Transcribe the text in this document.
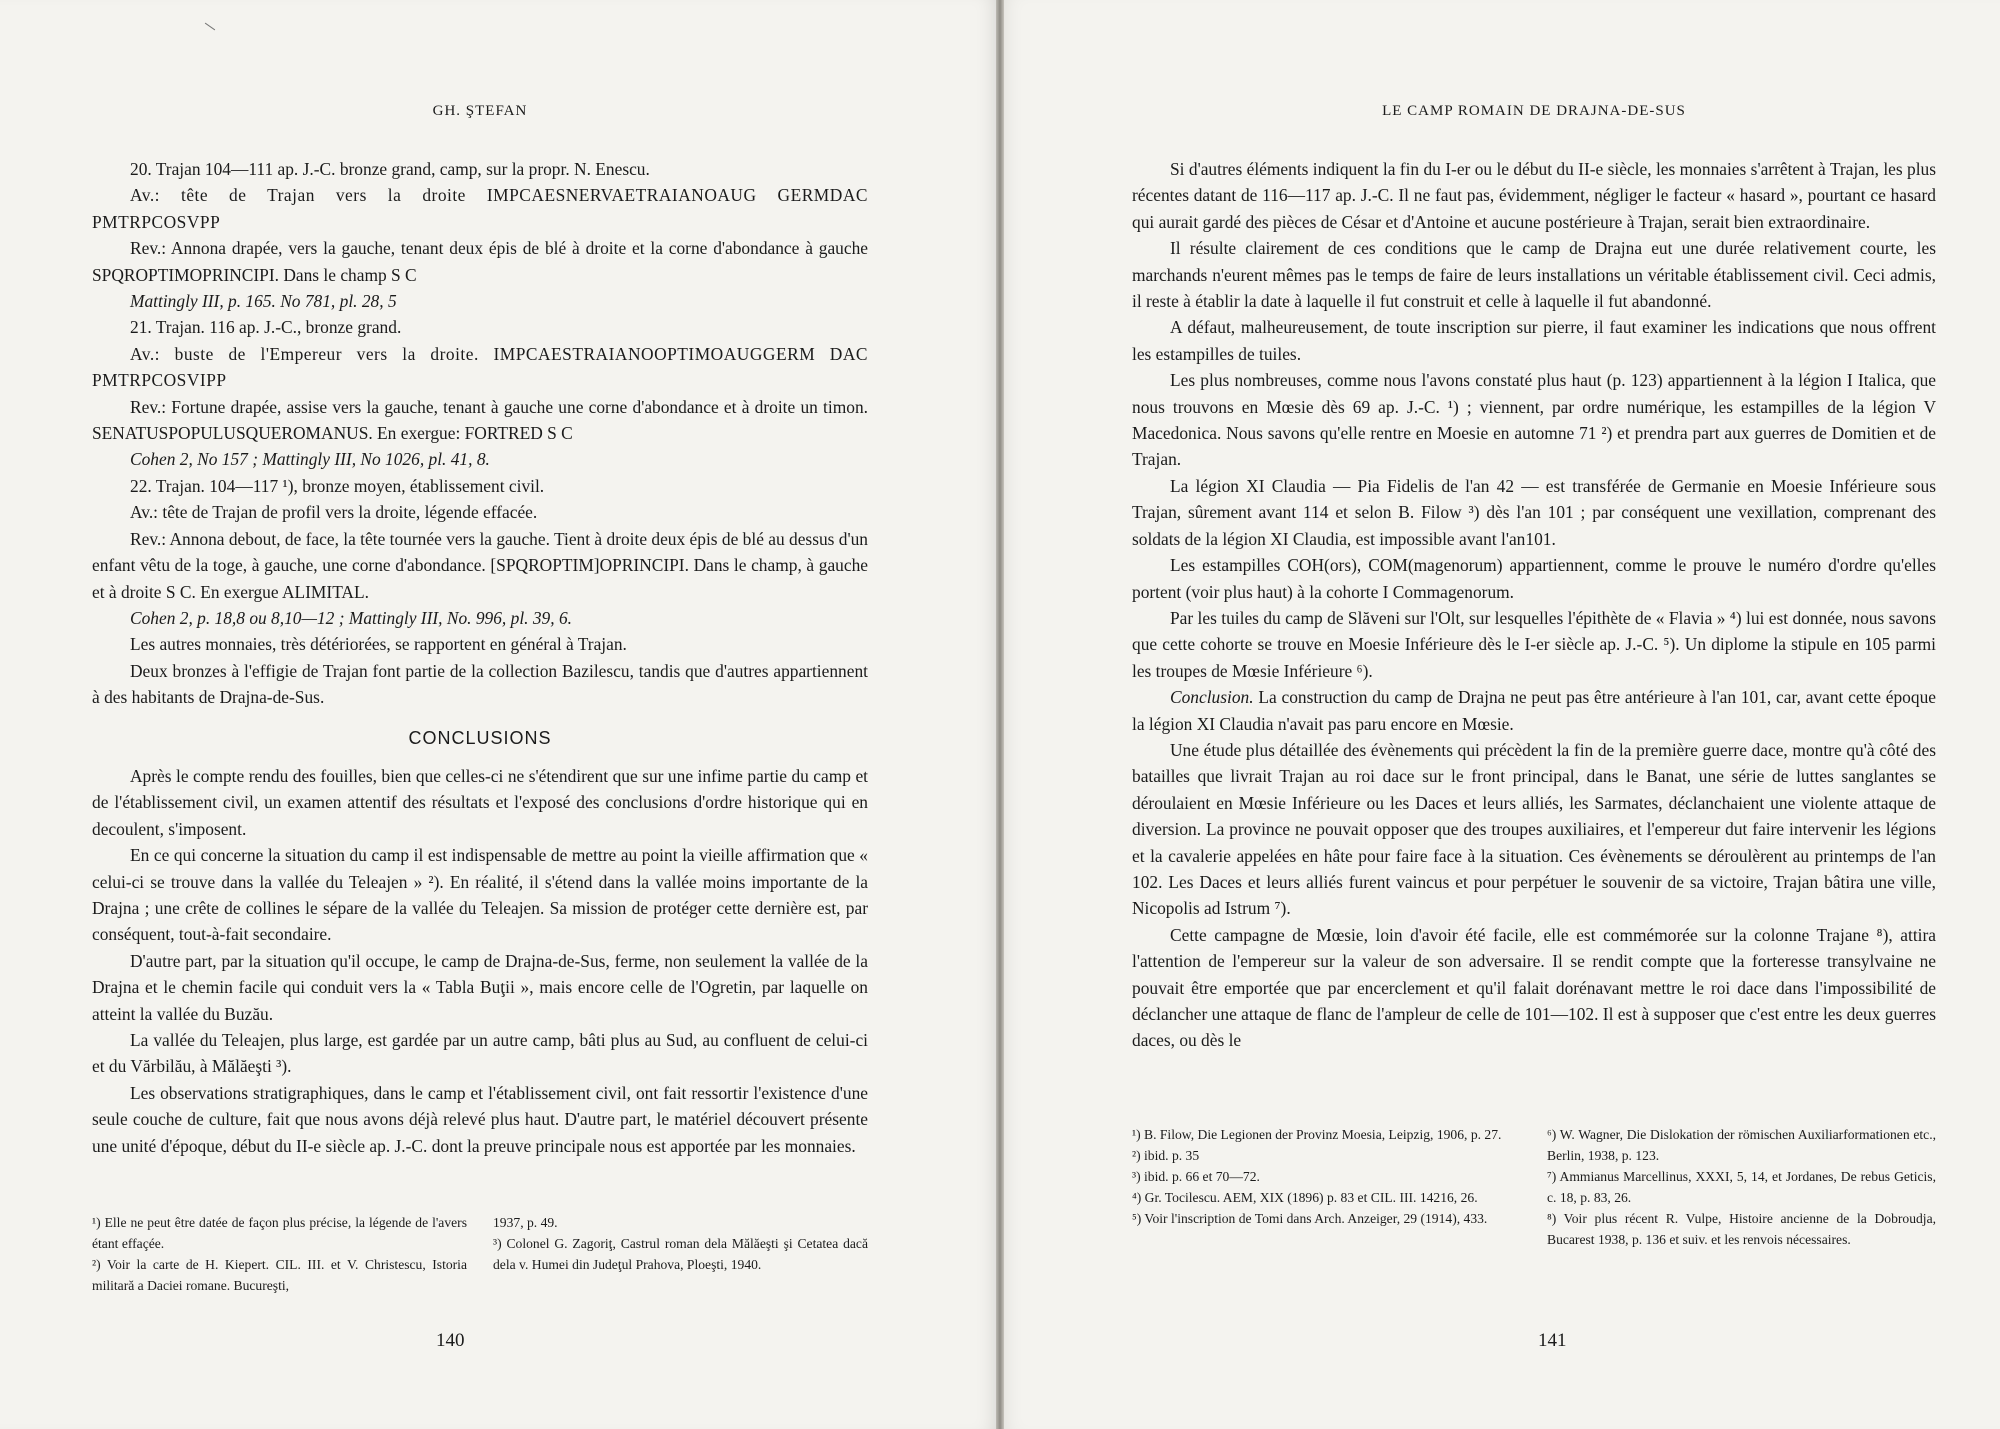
GH. ŞTEFAN

20. Trajan 104—111 ap. J.-C. bronze grand, camp, sur la propr. N. Enescu.

Av.: tête de Trajan vers la droite IMPCAESNERVAETRAIANOAUG GERMDAC PMTRPCOSVPP

Rev.: Annona drapée, vers la gauche, tenant deux épis de blé à droite et la corne d'abondance à gauche SPQROPTIMOPRINCIPI. Dans le champ S C

Mattingly III, p. 165. No 781, pl. 28, 5

21. Trajan. 116 ap. J.-C., bronze grand.

Av.: buste de l'Empereur vers la droite. IMPCAESTRAIANOOPTIMOAUGGERM DAC PMTRPCOSVIPP

Rev.: Fortune drapée, assise vers la gauche, tenant à gauche une corne d'abondance et à droite un timon. SENATUSPOPULUSQUEROMANUS. En exergue: FORTRED S C

Cohen 2, No 157 ; Mattingly III, No 1026, pl. 41, 8.

22. Trajan. 104—117 ¹), bronze moyen, établissement civil.

Av.: tête de Trajan de profil vers la droite, légende effacée.

Rev.: Annona debout, de face, la tête tournée vers la gauche. Tient à droite deux épis de blé au dessus d'un enfant vêtu de la toge, à gauche, une corne d'abondance. [SPQROPTIM]OPRINCIPI. Dans le champ, à gauche et à droite S C. En exergue ALIMITAL.

Cohen 2, p. 18,8 ou 8,10—12 ; Mattingly III, No. 996, pl. 39, 6.

Les autres monnaies, très détériorées, se rapportent en général à Trajan.

Deux bronzes à l'effigie de Trajan font partie de la collection Bazilescu, tandis que d'autres appartiennent à des habitants de Drajna-de-Sus.

CONCLUSIONS

Après le compte rendu des fouilles, bien que celles-ci ne s'étendirent que sur une infime partie du camp et de l'établissement civil, un examen attentif des résultats et l'exposé des conclusions d'ordre historique qui en decoulent, s'imposent.

En ce qui concerne la situation du camp il est indispensable de mettre au point la vieille affirmation que « celui-ci se trouve dans la vallée du Teleajen » ²). En réalité, il s'étend dans la vallée moins importante de la Drajna ; une crête de collines le sépare de la vallée du Teleajen. Sa mission de protéger cette dernière est, par conséquent, tout-à-fait secondaire.

D'autre part, par la situation qu'il occupe, le camp de Drajna-de-Sus, ferme, non seulement la vallée de la Drajna et le chemin facile qui conduit vers la « Tabla Buţii », mais encore celle de l'Ogretin, par laquelle on atteint la vallée du Buzău.

La vallée du Teleajen, plus large, est gardée par un autre camp, bâti plus au Sud, au confluent de celui-ci et du Vărbilău, à Mălăeşti ³).

Les observations stratigraphiques, dans le camp et l'établissement civil, ont fait ressortir l'existence d'une seule couche de culture, fait que nous avons déjà relevé plus haut. D'autre part, le matériel découvert présente une unité d'époque, début du II-e siècle ap. J.-C. dont la preuve principale nous est apportée par les monnaies.

¹) Elle ne peut être datée de façon plus précise, la légende de l'avers étant effaçée.

²) Voir la carte de H. Kiepert. CIL. III. et V. Christescu, Istoria militară a Daciei romane. Bucureşti,

1937, p. 49.

³) Colonel G. Zagoriţ, Castrul roman dela Mălăeşti şi Cetatea dacă dela v. Humei din Judeţul Prahova, Ploeşti, 1940.

140
LE CAMP ROMAIN DE DRAJNA-DE-SUS

Si d'autres éléments indiquent la fin du I-er ou le début du II-e siècle, les monnaies s'arrêtent à Trajan, les plus récentes datant de 116—117 ap. J.-C. Il ne faut pas, évidemment, négliger le facteur « hasard », pourtant ce hasard qui aurait gardé des pièces de César et d'Antoine et aucune postérieure à Trajan, serait bien extraordinaire.

Il résulte clairement de ces conditions que le camp de Drajna eut une durée relativement courte, les marchands n'eurent mêmes pas le temps de faire de leurs installations un véritable établissement civil. Ceci admis, il reste à établir la date à laquelle il fut construit et celle à laquelle il fut abandonné.

A défaut, malheureusement, de toute inscription sur pierre, il faut examiner les indications que nous offrent les estampilles de tuiles.

Les plus nombreuses, comme nous l'avons constaté plus haut (p. 123) appartiennent à la légion I Italica, que nous trouvons en Mœsie dès 69 ap. J.-C. ¹) ; viennent, par ordre numérique, les estampilles de la légion V Macedonica. Nous savons qu'elle rentre en Moesie en automne 71 ²) et prendra part aux guerres de Domitien et de Trajan.

La légion XI Claudia — Pia Fidelis de l'an 42 — est transférée de Germanie en Moesie Inférieure sous Trajan, sûrement avant 114 et selon B. Filow ³) dès l'an 101 ; par conséquent une vexillation, comprenant des soldats de la légion XI Claudia, est impossible avant l'an101.

Les estampilles COH(ors), COM(magenorum) appartiennent, comme le prouve le numéro d'ordre qu'elles portent (voir plus haut) à la cohorte I Commagenorum.

Par les tuiles du camp de Slăveni sur l'Olt, sur lesquelles l'épithète de « Flavia » ⁴) lui est donnée, nous savons que cette cohorte se trouve en Moesie Inférieure dès le I-er siècle ap. J.-C. ⁵). Un diplome la stipule en 105 parmi les troupes de Mœsie Inférieure ⁶).

Conclusion. La construction du camp de Drajna ne peut pas être antérieure à l'an 101, car, avant cette époque la légion XI Claudia n'avait pas paru encore en Mœsie.

Une étude plus détaillée des évènements qui précèdent la fin de la première guerre dace, montre qu'à côté des batailles que livrait Trajan au roi dace sur le front principal, dans le Banat, une série de luttes sanglantes se déroulaient en Mœsie Inférieure ou les Daces et leurs alliés, les Sarmates, déclanchaient une violente attaque de diversion. La province ne pouvait opposer que des troupes auxiliaires, et l'empereur dut faire intervenir les légions et la cavalerie appelées en hâte pour faire face à la situation. Ces évènements se déroulèrent au printemps de l'an 102. Les Daces et leurs alliés furent vaincus et pour perpétuer le souvenir de sa victoire, Trajan bâtira une ville, Nicopolis ad Istrum ⁷).

Cette campagne de Mœsie, loin d'avoir été facile, elle est commémorée sur la colonne Trajane ⁸), attira l'attention de l'empereur sur la valeur de son adversaire. Il se rendit compte que la forteresse transylvaine ne pouvait être emportée que par encerclement et qu'il falait dorénavant mettre le roi dace dans l'impossibilité de déclancher une attaque de flanc de l'ampleur de celle de 101—102. Il est à supposer que c'est entre les deux guerres daces, ou dès le

¹) B. Filow, Die Legionen der Provinz Moesia, Leipzig, 1906, p. 27.

²) ibid. p. 35

³) ibid. p. 66 et 70—72.

⁴) Gr. Tocilescu. AEM, XIX (1896) p. 83 et CIL. III. 14216, 26.

⁵) Voir l'inscription de Tomi dans Arch. Anzeiger, 29 (1914), 433.

⁶) W. Wagner, Die Dislokation der römischen Auxiliarformationen etc., Berlin, 1938, p. 123.

⁷) Ammianus Marcellinus, XXXI, 5, 14, et Jordanes, De rebus Geticis, c. 18, p. 83, 26.

⁸) Voir plus récent R. Vulpe, Histoire ancienne de la Dobroudja, Bucarest 1938, p. 136 et suiv. et les renvois nécessaires.

141
